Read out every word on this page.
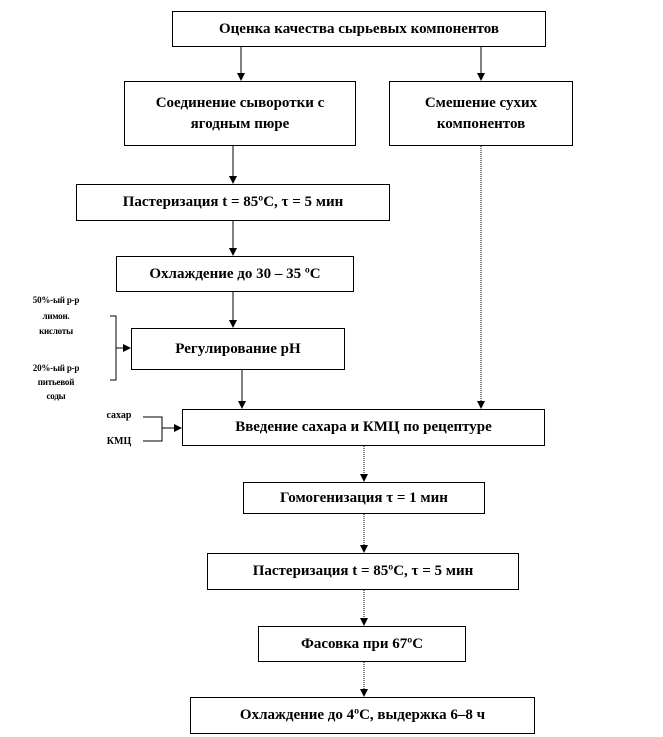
Оценка качества сырьевых компонентов
Соединение сыворотки с
ягодным пюре
Смешение сухих
компонентов
Пастеризация t = 85ºС, τ = 5 мин
Охлаждение до 30 – 35 ºС
Регулирование рН
Введение сахара и КМЦ по рецептуре
Гомогенизация τ = 1 мин
Пастеризация t = 85ºС, τ = 5 мин
Фасовка при 67ºС
Охлаждение до 4ºС, выдержка 6–8 ч
50%-ый р-р
лимон.
кислоты
20%-ый р-р
питьевой
соды
сахар
КМЦ
